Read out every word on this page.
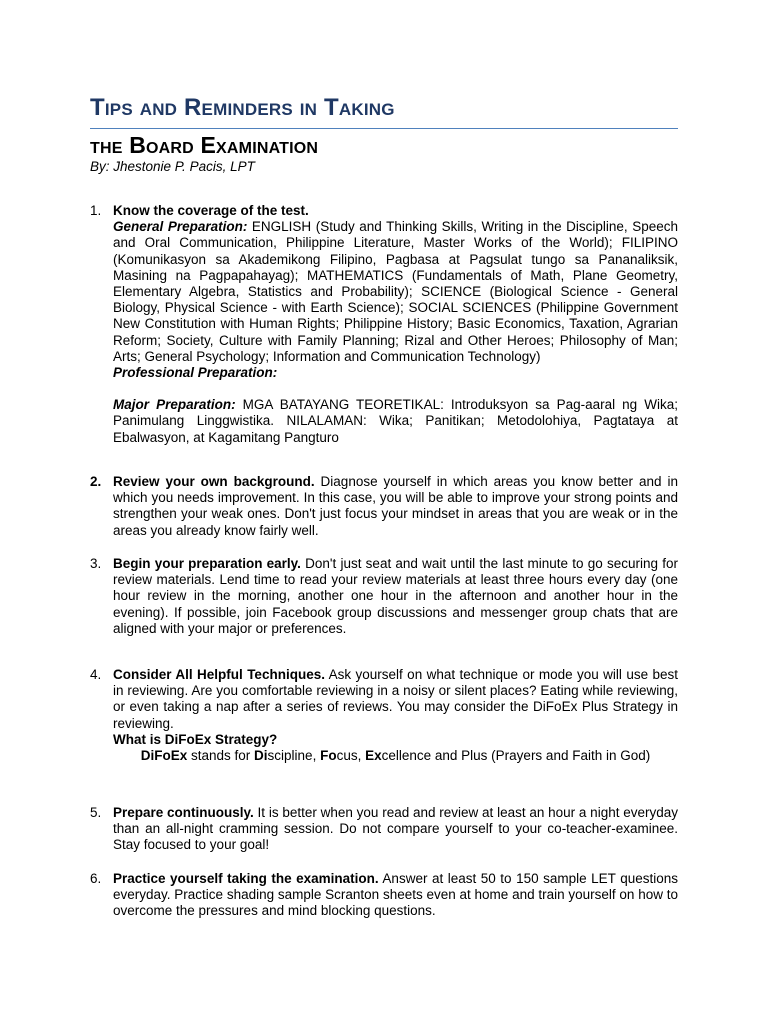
Tips and Reminders in Taking
the Board Examination
By: Jhestonie P. Pacis, LPT
1. Know the coverage of the test.

General Preparation: ENGLISH (Study and Thinking Skills, Writing in the Discipline, Speech and Oral Communication, Philippine Literature, Master Works of the World); FILIPINO (Komunikasyon sa Akademikong Filipino, Pagbasa at Pagsulat tungo sa Pananaliksik, Masining na Pagpapahayag); MATHEMATICS (Fundamentals of Math, Plane Geometry, Elementary Algebra, Statistics and Probability); SCIENCE (Biological Science - General Biology, Physical Science - with Earth Science); SOCIAL SCIENCES (Philippine Government New Constitution with Human Rights; Philippine History; Basic Economics, Taxation, Agrarian Reform; Society, Culture with Family Planning; Rizal and Other Heroes; Philosophy of Man; Arts; General Psychology; Information and Communication Technology)

Professional Preparation:

Major Preparation: MGA BATAYANG TEORETIKAL: Introduksyon sa Pag-aaral ng Wika; Panimulang Linggwistika. NILALAMAN: Wika; Panitikan; Metodolohiya, Pagtataya at Ebalwasyon, at Kagamitang Pangturo

2. Review your own background. Diagnose yourself in which areas you know better and in which you needs improvement. In this case, you will be able to improve your strong points and strengthen your weak ones. Don't just focus your mindset in areas that you are weak or in the areas you already know fairly well.

3. Begin your preparation early. Don't just seat and wait until the last minute to go securing for review materials. Lend time to read your review materials at least three hours every day (one hour review in the morning, another one hour in the afternoon and another hour in the evening). If possible, join Facebook group discussions and messenger group chats that are aligned with your major or preferences.

4. Consider All Helpful Techniques. Ask yourself on what technique or mode you will use best in reviewing. Are you comfortable reviewing in a noisy or silent places? Eating while reviewing, or even taking a nap after a series of reviews. You may consider the DiFoEx Plus Strategy in reviewing.

What is DiFoEx Strategy?

DiFoEx stands for Discipline, Focus, Excellence and Plus (Prayers and Faith in God)

5. Prepare continuously. It is better when you read and review at least an hour a night everyday than an all-night cramming session. Do not compare yourself to your co-teacher-examinee. Stay focused to your goal!

6. Practice yourself taking the examination. Answer at least 50 to 150 sample LET questions everyday. Practice shading sample Scranton sheets even at home and train yourself on how to overcome the pressures and mind blocking questions.
